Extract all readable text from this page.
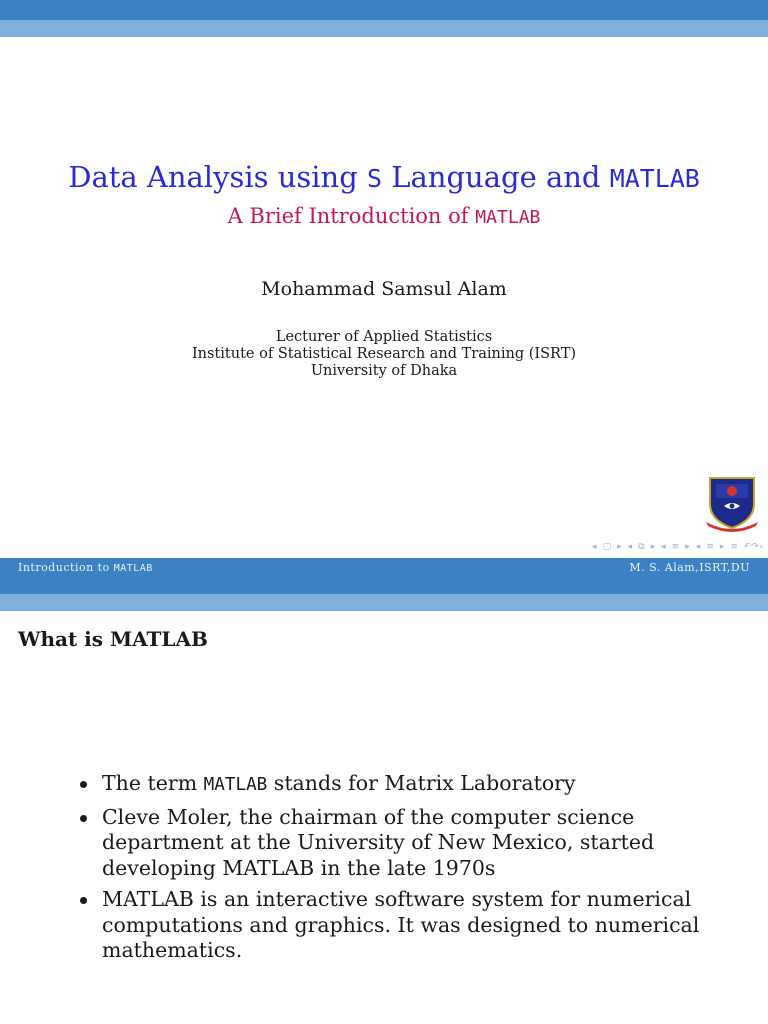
Data Analysis using S Language and MATLAB
A Brief Introduction of MATLAB
Mohammad Samsul Alam
Lecturer of Applied Statistics
Institute of Statistical Research and Training (ISRT)
University of Dhaka
◂ ▢ ▸ ◂ ⧉ ▸ ◂ ≡ ▸ ◂ ≡ ▸ ≡ ↶↷⌕
Introduction to MATLAB	M. S. Alam,ISRT,DU
What is MATLAB
The term MATLAB stands for Matrix Laboratory
Cleve Moler, the chairman of the computer science department at the University of New Mexico, started developing MATLAB in the late 1970s
MATLAB is an interactive software system for numerical computations and graphics. It was designed to numerical mathematics.
